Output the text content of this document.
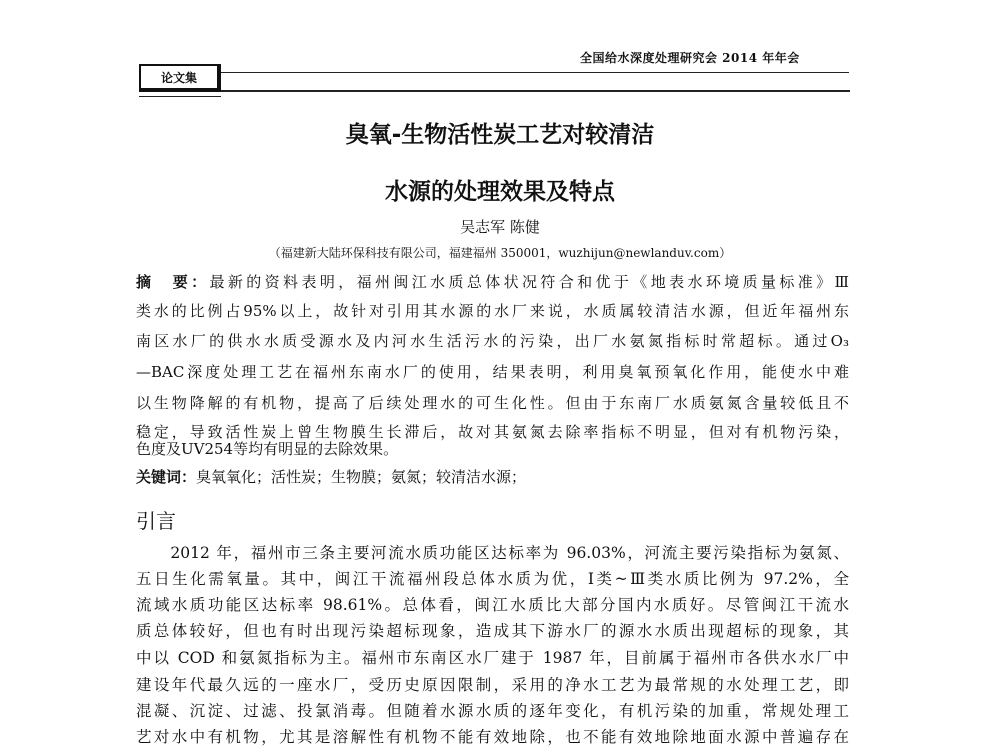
全国给水深度处理研究会 2014 年年会
论文集
臭氧-生物活性炭工艺对较清洁
水源的处理效果及特点
吴志军 陈健
（福建新大陆环保科技有限公司，福建福州 350001，wuzhijun@newlanduv.com）
摘　要：最新的资料表明，福州闽江水质总体状况符合和优于《地表水环境质量标准》Ⅲ
类水的比例占95%以上，故针对引用其水源的水厂来说，水质属较清洁水源，但近年福州东
南区水厂的供水水质受源水及内河水生活污水的污染，出厂水氨氮指标时常超标。通过O₃
—BAC深度处理工艺在福州东南水厂的使用，结果表明，利用臭氧预氧化作用，能使水中难
以生物降解的有机物，提高了后续处理水的可生化性。但由于东南厂水质氨氮含量较低且不
稳定，导致活性炭上曾生物膜生长滞后，故对其氨氮去除率指标不明显，但对有机物污染，
色度及UV254等均有明显的去除效果。
关键词：臭氧氧化；活性炭；生物膜；氨氮；较清洁水源；
引言
　　2012 年，福州市三条主要河流水质功能区达标率为 96.03%，河流主要污染指标为氨氮、
五日生化需氧量。其中，闽江干流福州段总体水质为优，Ⅰ类~Ⅲ类水质比例为 97.2%，全
流域水质功能区达标率 98.61%。总体看，闽江水质比大部分国内水质好。尽管闽江干流水
质总体较好，但也有时出现污染超标现象，造成其下游水厂的源水水质出现超标的现象，其
中以 COD 和氨氮指标为主。福州市东南区水厂建于 1987 年，目前属于福州市各供水水厂中
建设年代最久远的一座水厂，受历史原因限制，采用的净水工艺为最常规的水处理工艺，即
混凝、沉淀、过滤、投氯消毒。但随着水源水质的逐年变化，有机污染的加重，常规处理工
艺对水中有机物，尤其是溶解性有机物不能有效地除，也不能有效地除地面水源中普遍存在
